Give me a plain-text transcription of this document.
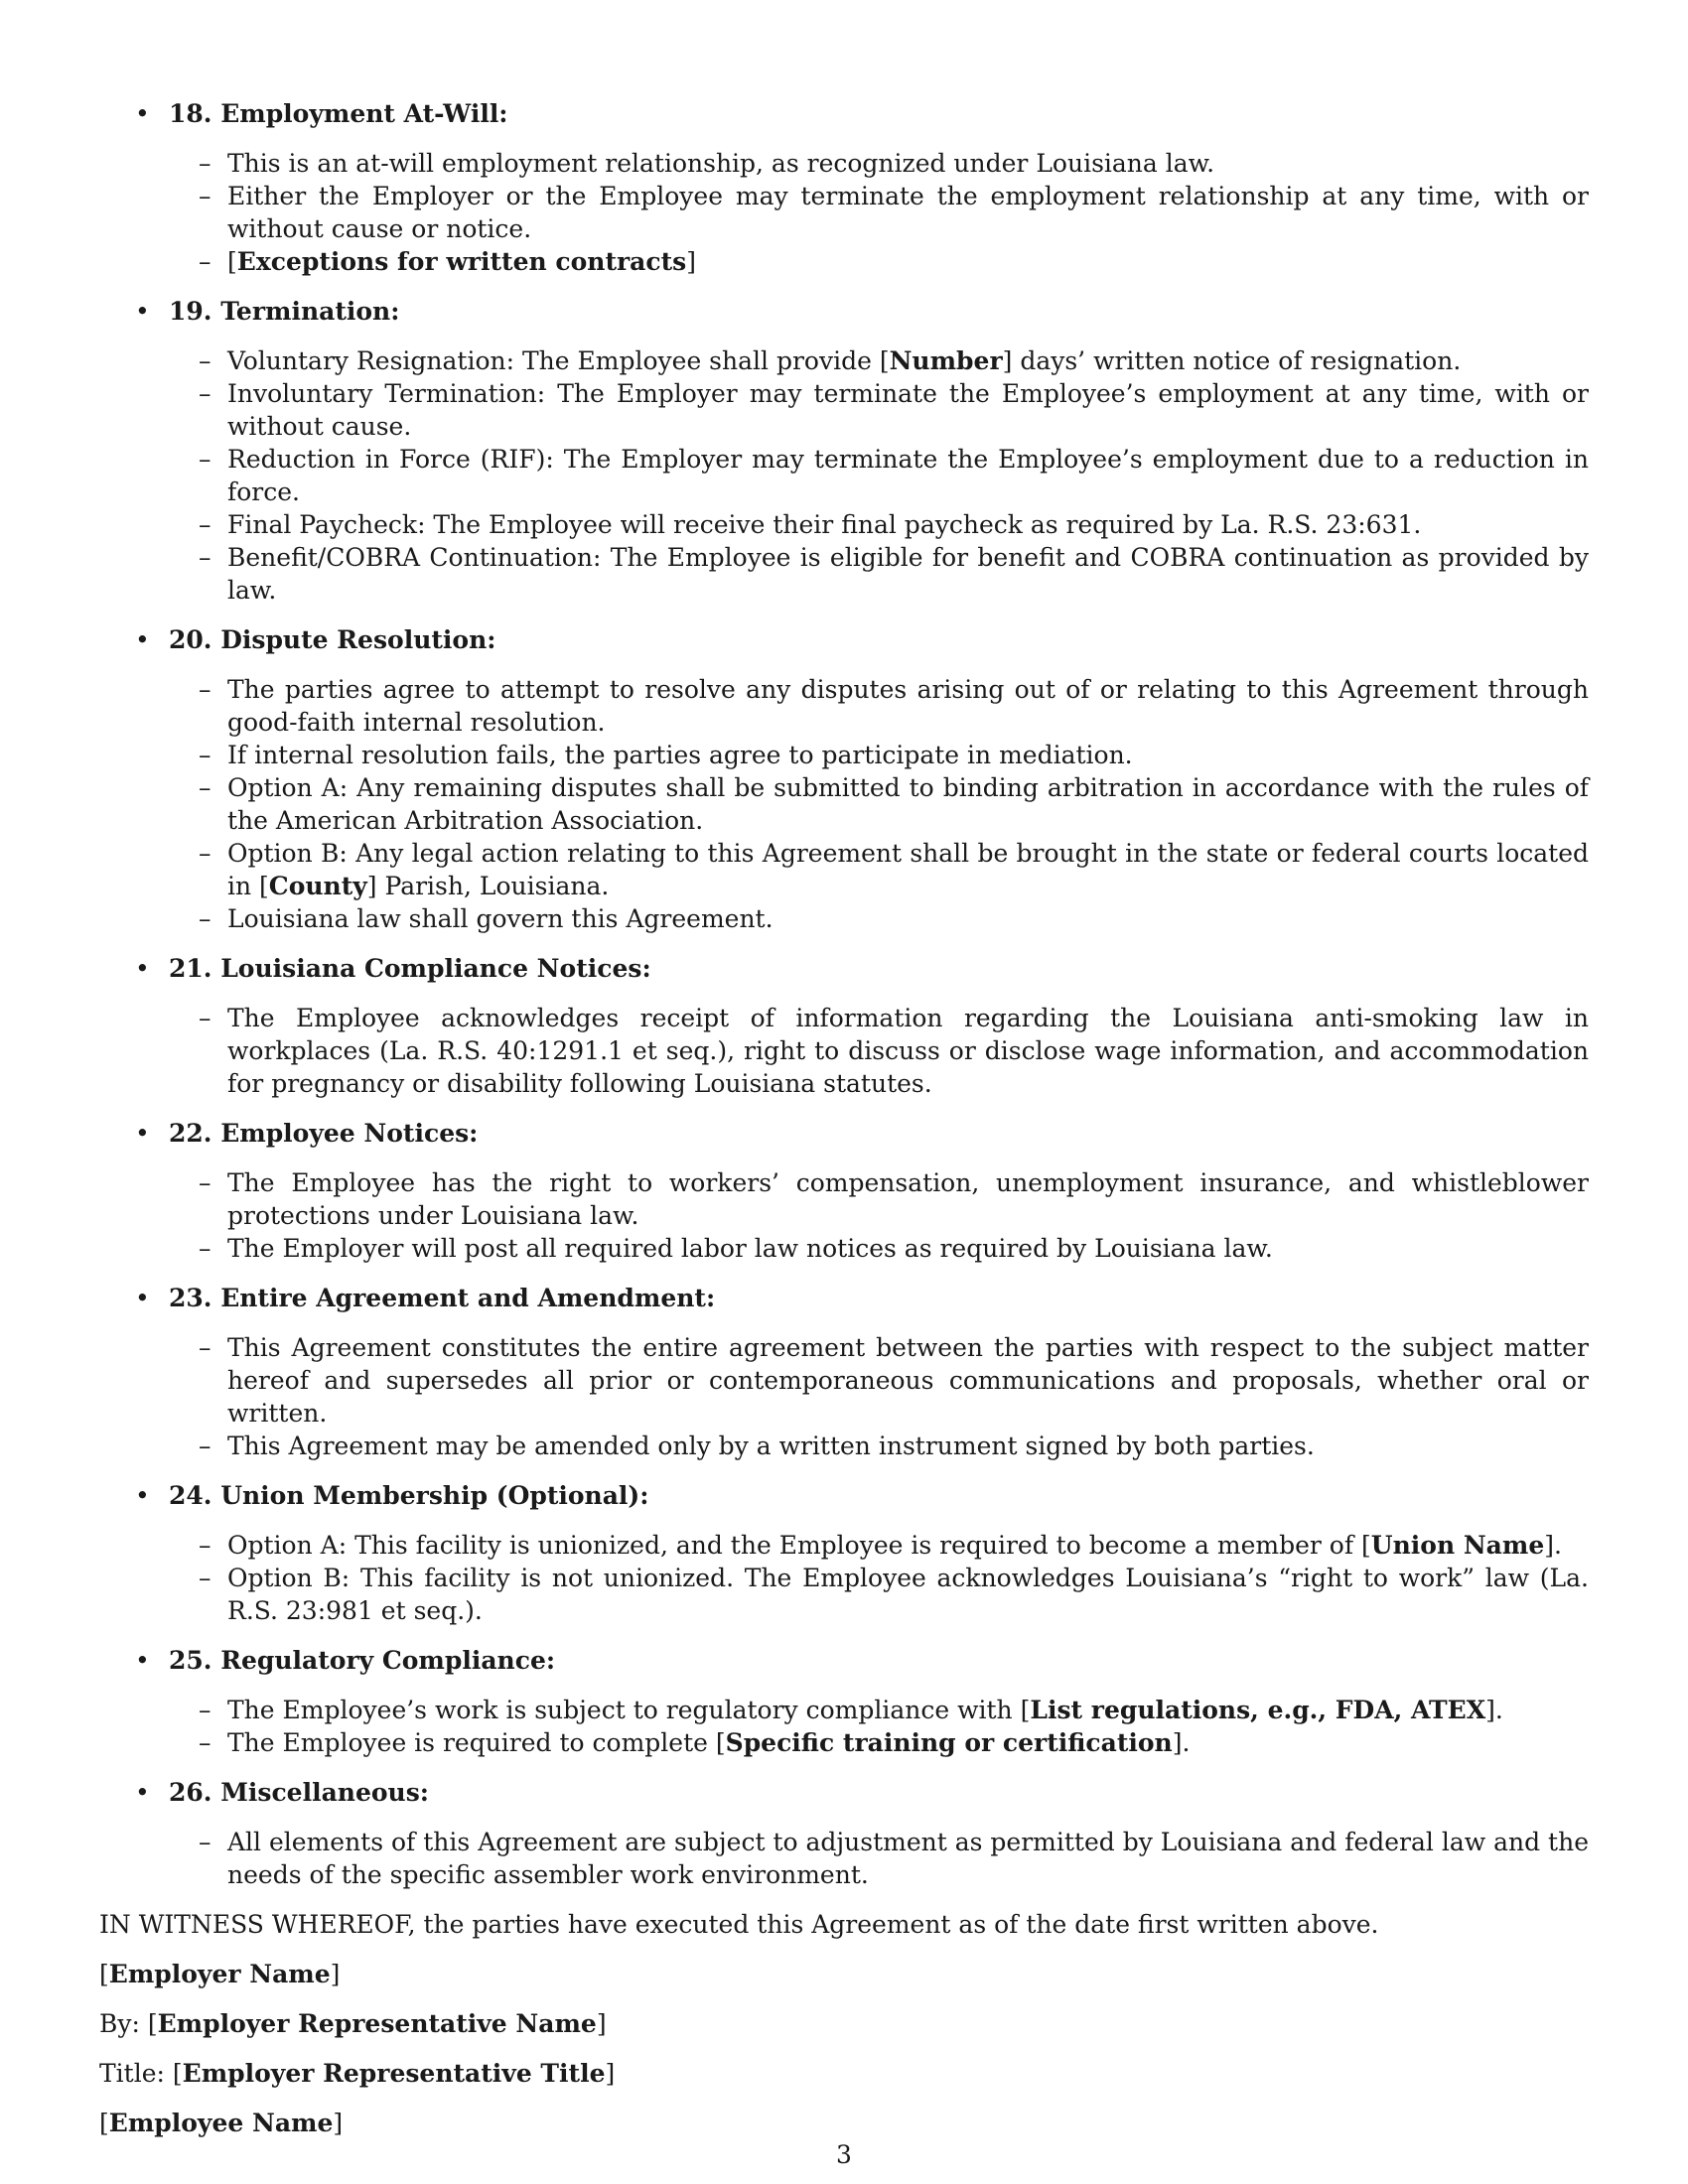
• 18. Employment At-Will:
– This is an at-will employment relationship, as recognized under Louisiana law.
– Either the Employer or the Employee may terminate the employment relationship at any time, with or without cause or notice.
– [Exceptions for written contracts]
• 19. Termination:
– Voluntary Resignation: The Employee shall provide [Number] days’ written notice of resignation.
– Involuntary Termination: The Employer may terminate the Employee’s employment at any time, with or without cause.
– Reduction in Force (RIF): The Employer may terminate the Employee’s employment due to a reduction in force.
– Final Paycheck: The Employee will receive their final paycheck as required by La. R.S. 23:631.
– Benefit/COBRA Continuation: The Employee is eligible for benefit and COBRA continuation as provided by law.
• 20. Dispute Resolution:
– The parties agree to attempt to resolve any disputes arising out of or relating to this Agreement through good-faith internal resolution.
– If internal resolution fails, the parties agree to participate in mediation.
– Option A: Any remaining disputes shall be submitted to binding arbitration in accordance with the rules of the American Arbitration Association.
– Option B: Any legal action relating to this Agreement shall be brought in the state or federal courts located in [County] Parish, Louisiana.
– Louisiana law shall govern this Agreement.
• 21. Louisiana Compliance Notices:
– The Employee acknowledges receipt of information regarding the Louisiana anti-smoking law in workplaces (La. R.S. 40:1291.1 et seq.), right to discuss or disclose wage information, and accommodation for pregnancy or disability following Louisiana statutes.
• 22. Employee Notices:
– The Employee has the right to workers’ compensation, unemployment insurance, and whistleblower protections under Louisiana law.
– The Employer will post all required labor law notices as required by Louisiana law.
• 23. Entire Agreement and Amendment:
– This Agreement constitutes the entire agreement between the parties with respect to the subject matter hereof and supersedes all prior or contemporaneous communications and proposals, whether oral or written.
– This Agreement may be amended only by a written instrument signed by both parties.
• 24. Union Membership (Optional):
– Option A: This facility is unionized, and the Employee is required to become a member of [Union Name].
– Option B: This facility is not unionized. The Employee acknowledges Louisiana’s “right to work” law (La. R.S. 23:981 et seq.).
• 25. Regulatory Compliance:
– The Employee’s work is subject to regulatory compliance with [List regulations, e.g., FDA, ATEX].
– The Employee is required to complete [Specific training or certification].
• 26. Miscellaneous:
– All elements of this Agreement are subject to adjustment as permitted by Louisiana and federal law and the needs of the specific assembler work environment.

IN WITNESS WHEREOF, the parties have executed this Agreement as of the date first written above.

[Employer Name]

By: [Employer Representative Name]

Title: [Employer Representative Title]

[Employee Name]

3
